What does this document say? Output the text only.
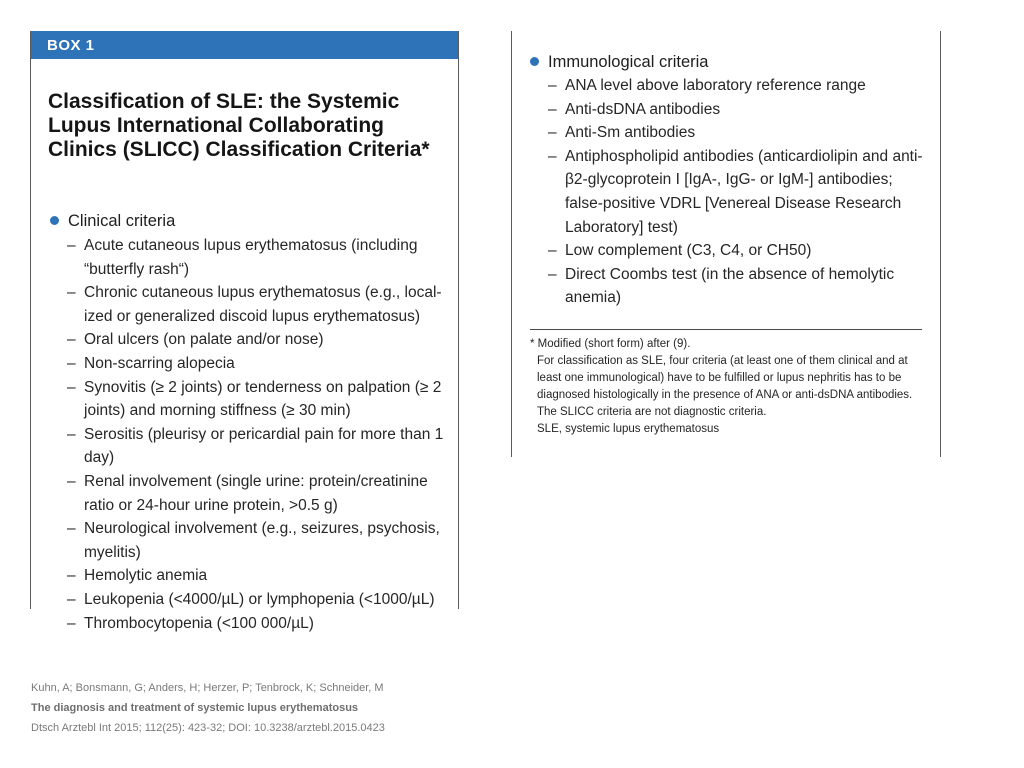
BOX 1
Classification of SLE: the Systemic
Lupus International Collaborating
Clinics (SLICC) Classification Criteria*
Clinical criteria
– Acute cutaneous lupus erythematosus (including “butterfly rash“)
– Chronic cutaneous lupus erythematosus (e.g., local-ized or generalized discoid lupus erythematosus)
– Oral ulcers (on palate and/or nose)
– Non-scarring alopecia
– Synovitis (≥ 2 joints) or tenderness on palpation (≥ 2 joints) and morning stiffness (≥ 30 min)
– Serositis (pleurisy or pericardial pain for more than 1 day)
– Renal involvement (single urine: protein/creatinine ratio or 24-hour urine protein, >0.5 g)
– Neurological involvement (e.g., seizures, psychosis, myelitis)
– Hemolytic anemia
– Leukopenia (<4000/µL) or lymphopenia (<1000/µL)
– Thrombocytopenia (<100 000/µL)
Immunological criteria
– ANA level above laboratory reference range
– Anti-dsDNA antibodies
– Anti-Sm antibodies
– Antiphospholipid antibodies (anticardiolipin and anti-β2-glycoprotein I [IgA-, IgG- or IgM-] antibodies; false-positive VDRL [Venereal Disease Research Laboratory] test)
– Low complement (C3, C4, or CH50)
– Direct Coombs test (in the absence of hemolytic anemia)
* Modified (short form) after (9).
For classification as SLE, four criteria (at least one of them clinical and at least one immunological) have to be fulfilled or lupus nephritis has to be diagnosed histologically in the presence of ANA or anti-dsDNA antibodies. The SLICC criteria are not diagnostic criteria.
SLE, systemic lupus erythematosus
Kuhn, A; Bonsmann, G; Anders, H; Herzer, P; Tenbrock, K; Schneider, M
The diagnosis and treatment of systemic lupus erythematosus
Dtsch Arztebl Int 2015; 112(25): 423-32; DOI: 10.3238/arztebl.2015.0423
